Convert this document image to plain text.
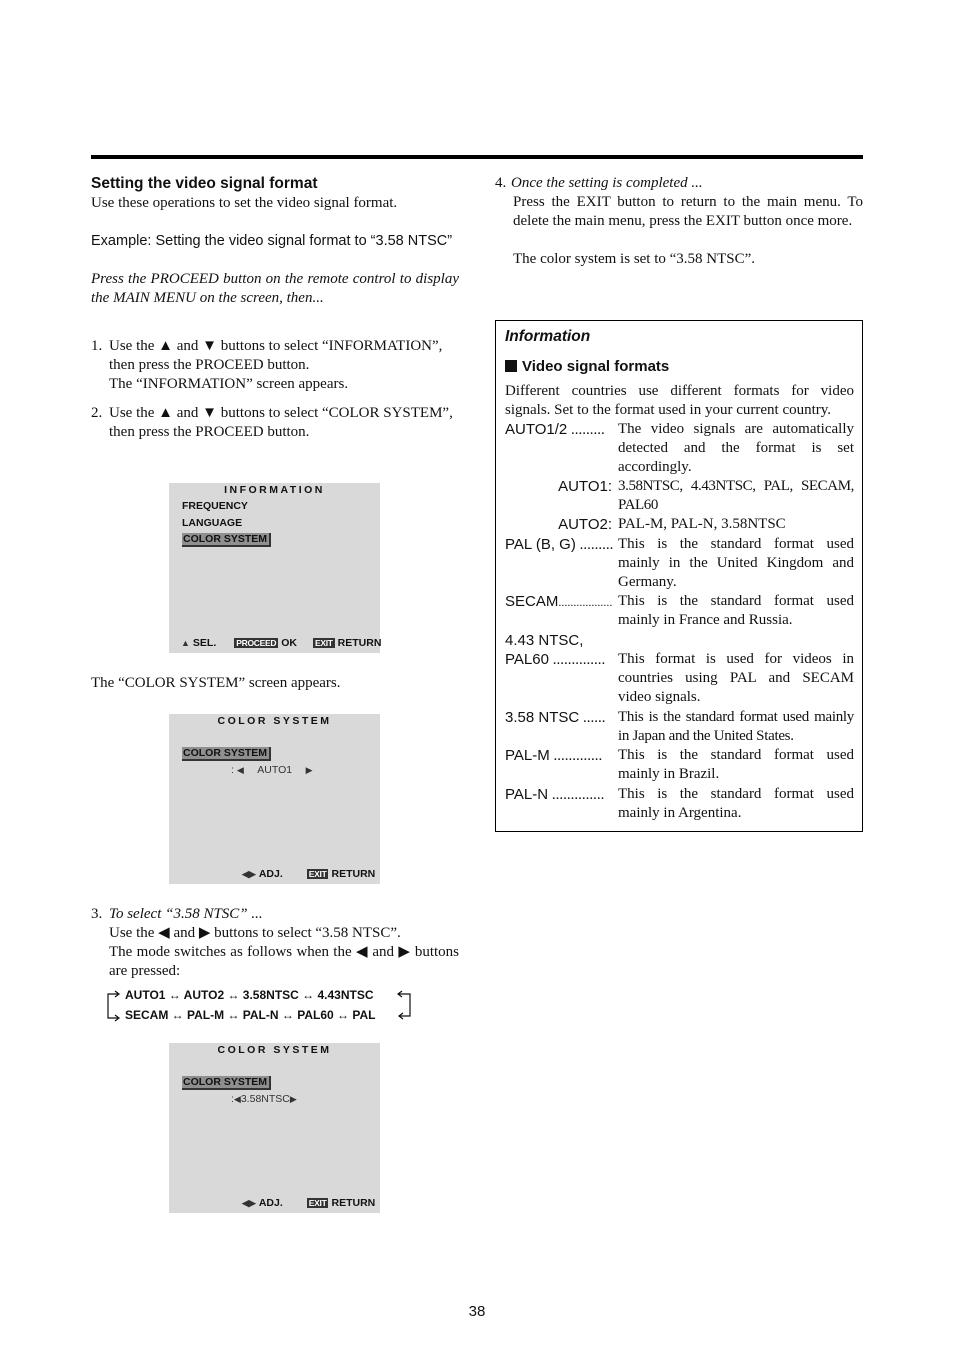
Setting the video signal format

Use these operations to set the video signal format.

Example: Setting the video signal format to “3.58 NTSC”

Press the PROCEED button on the remote control to display the MAIN MENU on the screen, then...

1. Use the ▲ and ▼ buttons to select “INFORMATION”, then press the PROCEED button.
The “INFORMATION” screen appears.
2. Use the ▲ and ▼ buttons to select “COLOR SYSTEM”, then press the PROCEED button.
INFORMATION
FREQUENCY
LANGUAGE
COLOR SYSTEM
▲︎ SEL. PROCEED OK EXIT RETURN

The “COLOR SYSTEM” screen appears.

COLOR SYSTEM
COLOR SYSTEM
: ◀︎ AUTO1 ▶︎
◀︎▶︎ ADJ.	EXIT RETURN
3. To select “3.58 NTSC” ...
Use the ◀ and ▶ buttons to select “3.58 NTSC”.

The mode switches as follows when the ◀ and ▶ buttons are pressed:
AUTO1 ↔ AUTO2 ↔ 3.58NTSC ↔ 4.43NTSC
SECAM ↔ PAL-M ↔ PAL-N ↔ PAL60 ↔ PAL
COLOR SYSTEM
COLOR SYSTEM
:◀︎3.58NTSC▶︎
◀︎▶︎ ADJ.	EXIT RETURN
4. Once the setting is completed ...

Press the EXIT button to return to the main menu. To delete the main menu, press the EXIT button once more.

The color system is set to “3.58 NTSC”.

Information
Video signal formats
Different countries use different formats for video signals. Set to the format used in your current country.
AUTO1/2 ......... The video signals are automatically detected and the format is set accordingly.
AUTO1: 3.58NTSC, 4.43NTSC, PAL, SECAM, PAL60
AUTO2: PAL-M, PAL-N, 3.58NTSC
PAL (B, G) ......... This is the standard format used mainly in the United Kingdom and Germany.
SECAM.................. This is the standard format used mainly in France and Russia.
4.43 NTSC,
PAL60 .............. This format is used for videos in countries using PAL and SECAM video signals.
3.58 NTSC ...... This is the standard format used mainly in Japan and the United States.
PAL-M .............	This is the standard format used mainly in Brazil.
PAL-N .............. This is the standard format used mainly in Argentina.
38
